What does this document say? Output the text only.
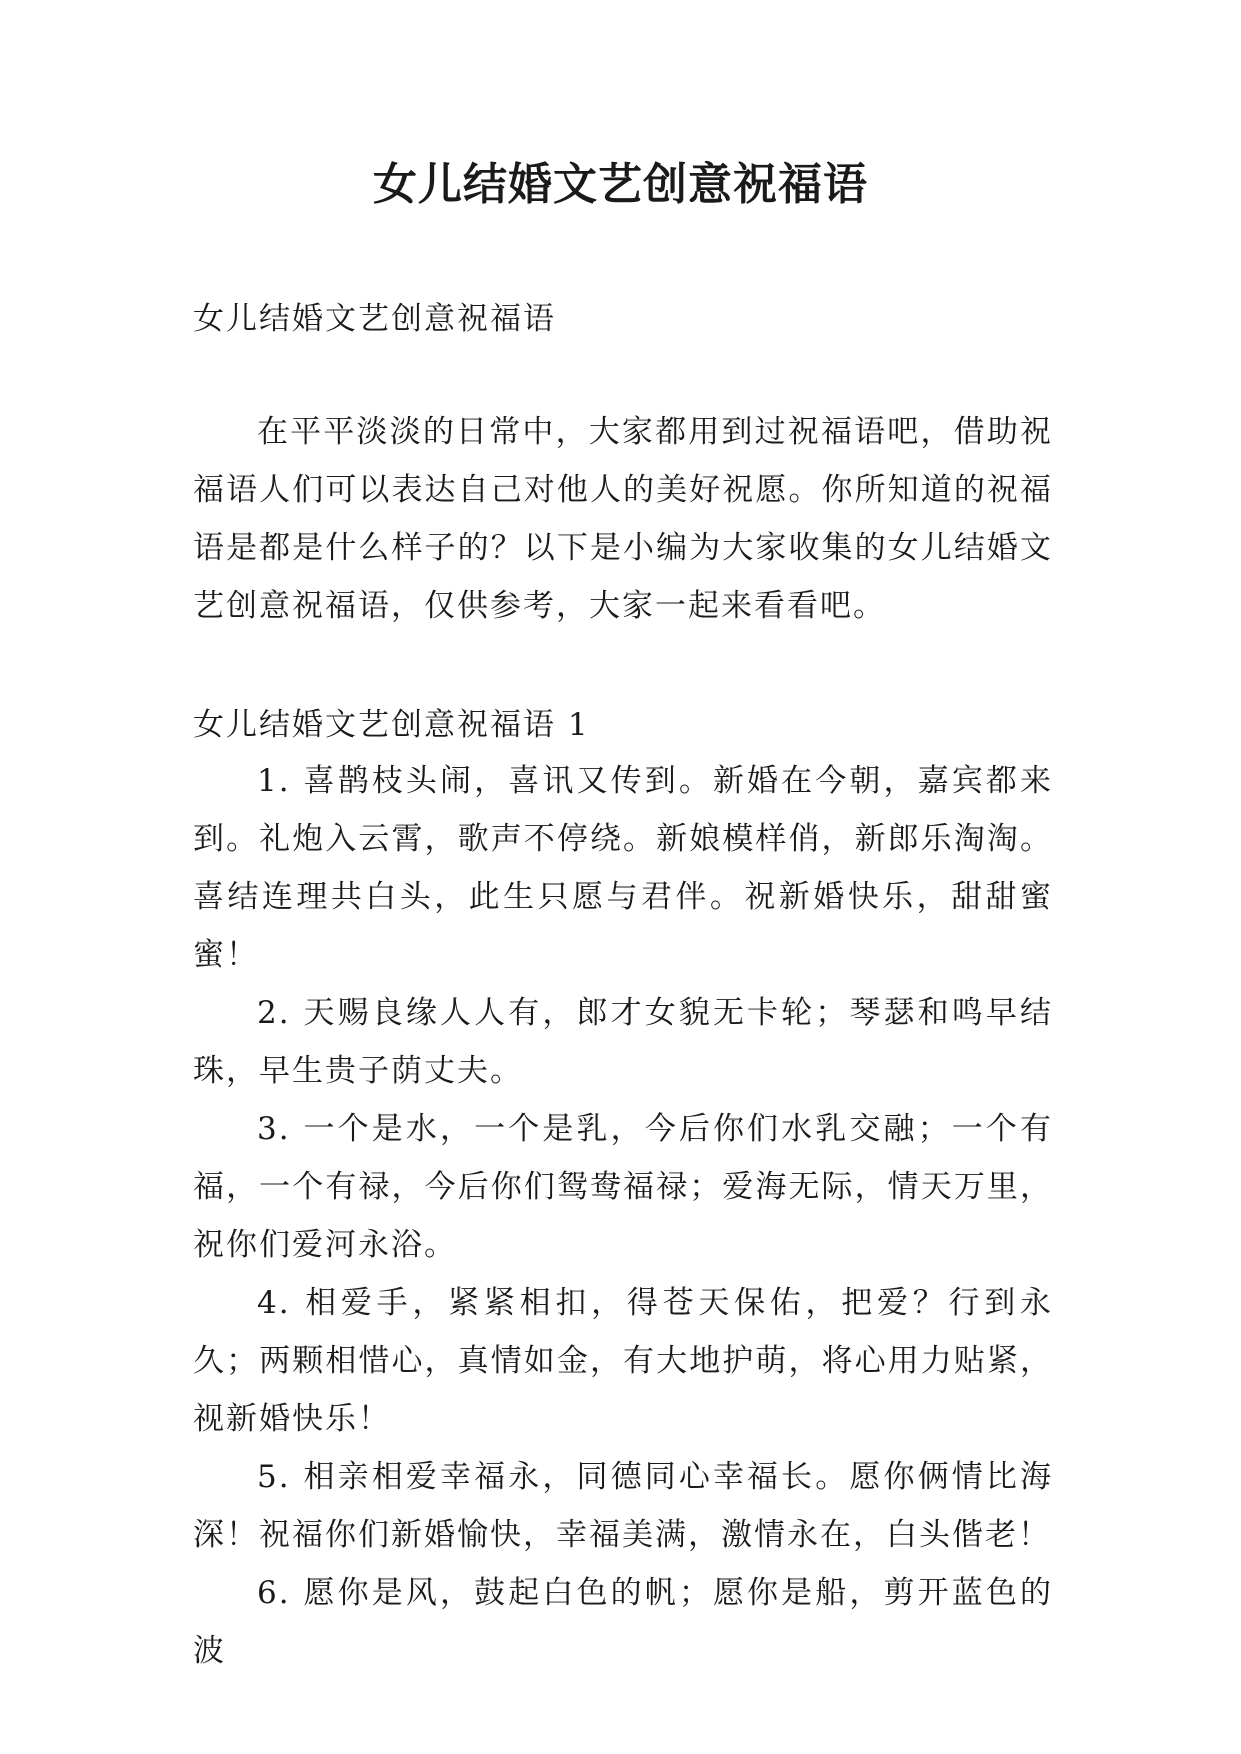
女儿结婚文艺创意祝福语
女儿结婚文艺创意祝福语
在平平淡淡的日常中，大家都用到过祝福语吧，借助祝福语人们可以表达自己对他人的美好祝愿。你所知道的祝福语是都是什么样子的？以下是小编为大家收集的女儿结婚文艺创意祝福语，仅供参考，大家一起来看看吧。
女儿结婚文艺创意祝福语 1

1. 喜鹊枝头闹，喜讯又传到。新婚在今朝，嘉宾都来到。礼炮入云霄，歌声不停绕。新娘模样俏，新郎乐淘淘。喜结连理共白头，此生只愿与君伴。祝新婚快乐，甜甜蜜蜜！

2. 天赐良缘人人有，郎才女貌无卡轮；琴瑟和鸣早结珠，早生贵子荫丈夫。

3. 一个是水，一个是乳，今后你们水乳交融；一个有福，一个有禄，今后你们鸳鸯福禄；爱海无际，情天万里，祝你们爱河永浴。

4. 相爱手，紧紧相扣，得苍天保佑，把爱？行到永久；两颗相惜心，真情如金，有大地护萌，将心用力贴紧，视新婚快乐！

5. 相亲相爱幸福永，同德同心幸福长。愿你俩情比海深！祝福你们新婚愉快，幸福美满，激情永在，白头偕老！

6. 愿你是风，鼓起白色的帆；愿你是船，剪开蓝色的波
